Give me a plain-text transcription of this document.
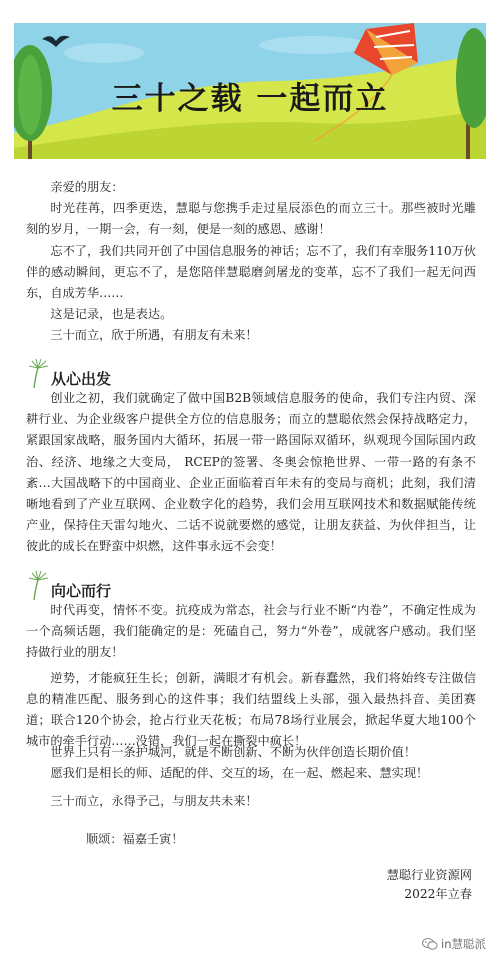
三十之载 一起而立

亲爱的朋友：

时光荏苒，四季更迭，慧聪与您携手走过星辰添色的而立三十。那些被时光雕刻的岁月，一期一会，有一刻，便是一刻的感恩、感谢！

忘不了，我们共同开创了中国信息服务的神话；忘不了，我们有幸服务110万伙伴的感动瞬间，更忘不了，是您陪伴慧聪磨剑屠龙的变革，忘不了我们一起无问西东，自成芳华……

这是记录，也是表达。

三十而立，欣于所遇，有朋友有未来！

从心出发

创业之初，我们就确定了做中国B2B领域信息服务的使命，我们专注内贸、深耕行业、为企业级客户提供全方位的信息服务；而立的慧聪依然会保持战略定力，紧跟国家战略，服务国内大循环，拓展一带一路国际双循环，纵观现今国际国内政治、经济、地缘之大变局， RCEP的签署、冬奥会惊艳世界、一带一路的有条不紊…大国战略下的中国商业、企业正面临着百年未有的变局与商机；此刻，我们清晰地看到了产业互联网、企业数字化的趋势，我们会用互联网技术和数据赋能传统产业，保持住天雷勾地火、二话不说就要燃的感觉，让朋友获益、为伙伴担当，让彼此的成长在野蛮中炽燃，这件事永远不会变！

向心而行

时代再变，情怀不变。抗疫成为常态，社会与行业不断“内卷”，不确定性成为一个高频话题，我们能确定的是：死磕自己，努力“外卷”，成就客户感动。我们坚持做行业的朋友！

逆势，才能疯狂生长；创新，满眼才有机会。新春蠢然，我们将始终专注做信息的精准匹配、服务到心的这件事；我们结盟线上头部，强入最热抖音、美团赛道；联合120个协会，抢占行业天花板；布局78场行业展会，掀起华夏大地100个城市的牵手行动……没错，我们一起在撕裂中疯长！

世界上只有一条护城河，就是不断创新、不断为伙伴创造长期价值！

愿我们是相长的师、适配的伴、交互的场，在一起、燃起来、慧实现！

三十而立，永得予己，与朋友共未来！

顺颂：福嘉壬寅！

慧聪行业资源网
2022年立春
in慧聪派
